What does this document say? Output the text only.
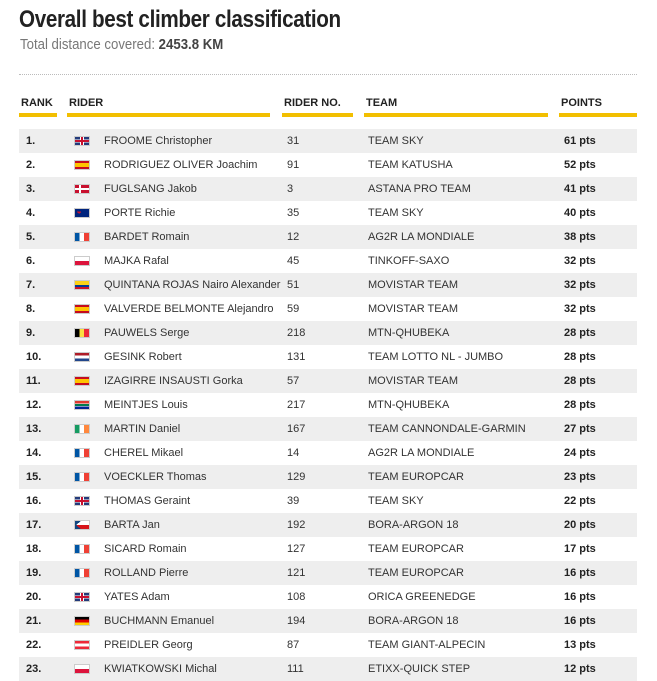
Overall best climber classification
Total distance covered: 2453.8 KM
RANK	RIDER	RIDER NO.	TEAM	POINTS
1.	FROOME Christopher	31	TEAM SKY	61 pts
2.	RODRIGUEZ OLIVER Joachim	91	TEAM KATUSHA	52 pts
3.	FUGLSANG Jakob	3	ASTANA PRO TEAM	41 pts
4.	PORTE Richie	35	TEAM SKY	40 pts
5.	BARDET Romain	12	AG2R LA MONDIALE	38 pts
6.	MAJKA Rafal	45	TINKOFF-SAXO	32 pts
7.	QUINTANA ROJAS Nairo Alexander 51	MOVISTAR TEAM	32 pts
8.	VALVERDE BELMONTE Alejandro 59	MOVISTAR TEAM	32 pts
9.	PAUWELS Serge	218	MTN-QHUBEKA	28 pts
10.	GESINK Robert	131	TEAM LOTTO NL - JUMBO	28 pts
11.	IZAGIRRE INSAUSTI Gorka	57	MOVISTAR TEAM	28 pts
12.	MEINTJES Louis	217	MTN-QHUBEKA	28 pts
13.	MARTIN Daniel	167	TEAM CANNONDALE-GARMIN	27 pts
14.	CHEREL Mikael	14	AG2R LA MONDIALE	24 pts
15.	VOECKLER Thomas	129	TEAM EUROPCAR	23 pts
16.	THOMAS Geraint	39	TEAM SKY	22 pts
17.	BARTA Jan	192	BORA-ARGON 18	20 pts
18.	SICARD Romain	127	TEAM EUROPCAR	17 pts
19.	ROLLAND Pierre	121	TEAM EUROPCAR	16 pts
20.	YATES Adam	108	ORICA GREENEDGE	16 pts
21.	BUCHMANN Emanuel	194	BORA-ARGON 18	16 pts
22.	PREIDLER Georg	87	TEAM GIANT-ALPECIN	13 pts
23.	KWIATKOWSKI Michal	111	ETIXX-QUICK STEP	12 pts
